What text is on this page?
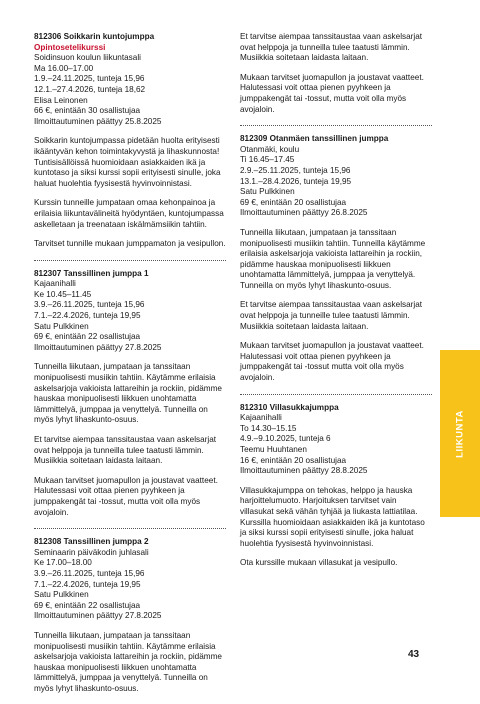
812306 Soikkarin kuntojumppa
Opintosetelikurssi
Soidinsuon koulun liikuntasali
Ma 16.00–17.00
1.9.–24.11.2025, tunteja 15,96
12.1.–27.4.2026, tunteja 18,62
Elisa Leinonen
66 €, enintään 30 osallistujaa
Ilmoittautuminen päättyy 25.8.2025

Soikkarin kuntojumpassa pidetään huolta erityisesti ikääntyvän kehon toimintakyvystä ja lihaskunnosta! Tuntisisällöissä huomioidaan asiakkaiden ikä ja kuntotaso ja siksi kurssi sopii erityisesti sinulle, joka haluat huolehtia fyysisestä hyvinvoinnistasi.

Kurssin tunneille jumpataan omaa kehonpainoa ja erilaisia liikuntavälineitä hyödyntäen, kuntojumpassa askelletaan ja treenataan iskälmämsiikin tahtiin.

Tarvitset tunnille mukaan jumppamaton ja vesipullon.

812307 Tanssillinen jumppa 1
Kajaanihalli
Ke 10.45–11.45
3.9.–26.11.2025, tunteja 15,96
7.1.–22.4.2026, tunteja 19,95
Satu Pulkkinen
69 €, enintään 22 osallistujaa
Ilmoittautuminen päättyy 27.8.2025

Tunneilla liikutaan, jumpataan ja tanssitaan monipuolisesti musiikin tahtiin. Käytämme erilaisia askelsarjoja vakioista lattareihin ja rockiin, pidämme hauskaa monipuolisesti liikkuen unohtamatta lämmittelyä, jumppaa ja venyttelyä. Tunneilla on myös lyhyt lihaskunto-osuus.

Et tarvitse aiempaa tanssitaustaa vaan askelsarjat ovat helppoja ja tunneilla tulee taatusti lämmin. Musiikkia soitetaan laidasta laitaan.

Mukaan tarvitset juomapullon ja joustavat vaatteet. Halutessasi voit ottaa pienen pyyhkeen ja jumppakengät tai -tossut, mutta voit olla myös avojaloin.

812308 Tanssillinen jumppa 2
Seminaarin päiväkodin juhlasali
Ke 17.00–18.00
3.9.–26.11.2025, tunteja 15,96
7.1.–22.4.2026, tunteja 19,95
Satu Pulkkinen
69 €, enintään 22 osallistujaa
Ilmoittautuminen päättyy 27.8.2025

Tunneilla liikutaan, jumpataan ja tanssitaan monipuolisesti musiikin tahtiin. Käytämme erilaisia askelsarjoja vakioista lattareihin ja rockiin, pidämme hauskaa monipuolisesti liikkuen unohtamatta lämmittelyä, jumppaa ja venyttelyä. Tunneilla on myös lyhyt lihaskunto-osuus.

Et tarvitse aiempaa tanssitaustaa vaan askelsarjat ovat helppoja ja tunneilla tulee taatusti lämmin. Musiikkia soitetaan laidasta laitaan.

Mukaan tarvitset juomapullon ja joustavat vaatteet. Halutessasi voit ottaa pienen pyyhkeen ja jumppakengät tai -tossut, mutta voit olla myös avojaloin.

812309 Otanmäen tanssillinen jumppa
Otanmäki, koulu
Ti 16.45–17.45
2.9.–25.11.2025, tunteja 15,96
13.1.–28.4.2026, tunteja 19,95
Satu Pulkkinen
69 €, enintään 20 osallistujaa
Ilmoittautuminen päättyy 26.8.2025

Tunneilla liikutaan, jumpataan ja tanssitaan monipuolisesti musiikin tahtiin. Tunneilla käytämme erilaisia askelsarjoja vakioista lattareihin ja rockiin, pidämme hauskaa monipuolisesti liikkuen unohtamatta lämmittelyä, jumppaa ja venyttelyä. Tunneilla on myös lyhyt lihaskunto-osuus.

Et tarvitse aiempaa tanssitaustaa vaan askelsarjat ovat helppoja ja tunneille tulee taatusti lämmin. Musiikkia soitetaan laidasta laitaan.

Mukaan tarvitset juomapullon ja joustavat vaatteet. Halutessasi voit ottaa pienen pyyhkeen ja jumppakengät tai -tossut mutta voit olla myös avojaloin.

812310 Villasukkajumppa
Kajaanihalli
To 14.30–15.15
4.9.–9.10.2025, tunteja 6
Teemu Huuhtanen
16 €, enintään 20 osallistujaa
Ilmoittautuminen päättyy 28.8.2025

Villasukkajumppa on tehokas, helppo ja hauska harjoittelumuoto. Harjoituksen tarvitset vain villasukat sekä vähän tyhjää ja liukasta lattiatilaa. Kurssilla huomioidaan asiakkaiden ikä ja kuntotaso ja siksi kurssi sopii erityisesti sinulle, joka haluat huolehtia fyysisestä hyvinvoinnistasi.

Ota kurssille mukaan villasukat ja vesipullo.

LIIKUNTA
43
